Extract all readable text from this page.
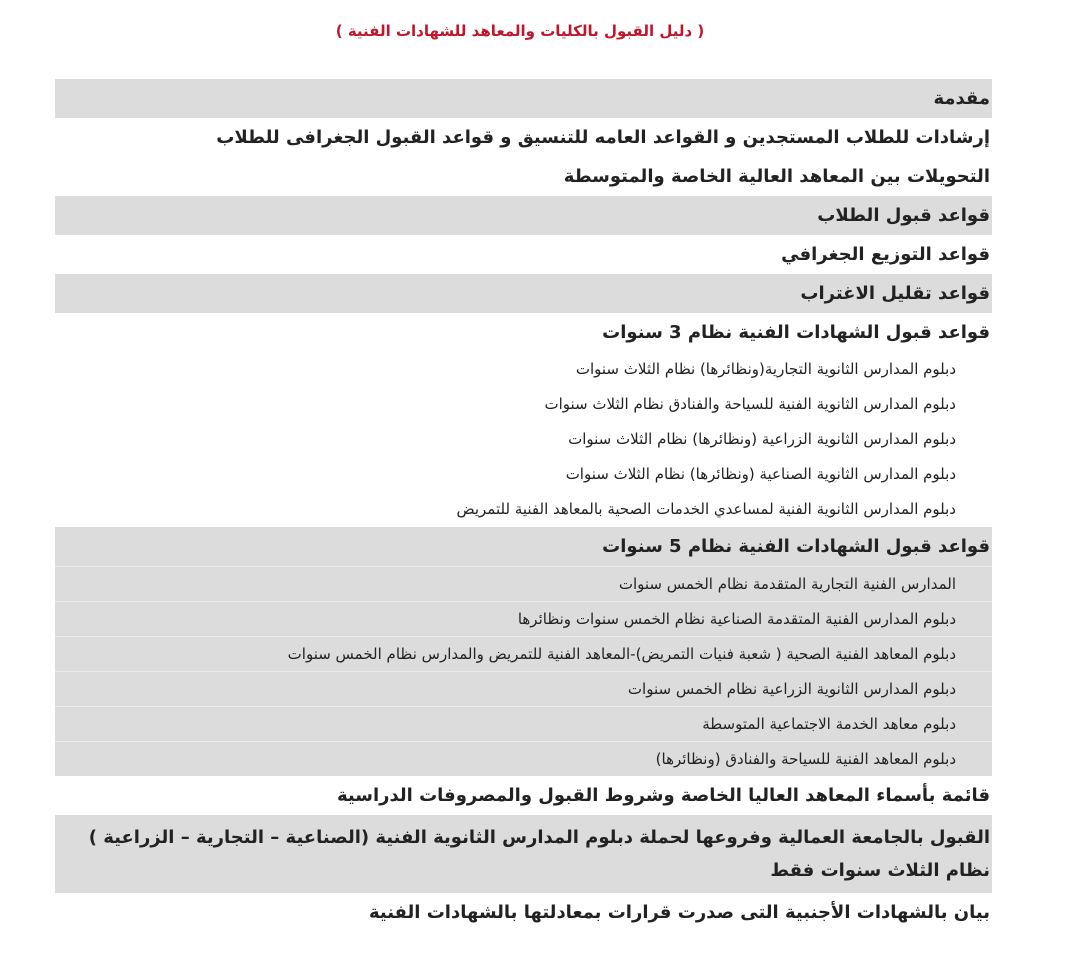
( دليل القبول بالكليات والمعاهد للشهادات الفنية )
مقدمة
إرشادات للطلاب المستجدين و القواعد العامه للتنسيق و قواعد القبول الجغرافى للطلاب
التحويلات بين المعاهد العالية الخاصة والمتوسطة
قواعد قبول الطلاب
قواعد التوزيع الجغرافي
قواعد تقليل الاغتراب
قواعد قبول الشهادات الفنية نظام 3 سنوات
دبلوم المدارس الثانوية التجارية(ونظائرها) نظام الثلاث سنوات
دبلوم المدارس الثانوية الفنية للسياحة والفنادق نظام الثلاث سنوات
دبلوم المدارس الثانوية الزراعية (ونظائرها) نظام الثلاث سنوات
دبلوم المدارس الثانوية الصناعية (ونظائرها) نظام الثلاث سنوات
دبلوم المدارس الثانوية الفنية لمساعدي الخدمات الصحية بالمعاهد الفنية للتمريض
قواعد قبول الشهادات الفنية نظام 5 سنوات
المدارس الفنية التجارية المتقدمة نظام الخمس سنوات
دبلوم المدارس الفنية المتقدمة الصناعية نظام الخمس سنوات ونظائرها
دبلوم المعاهد الفنية الصحية ( شعبة فنيات التمريض)-المعاهد الفنية للتمريض والمدارس نظام الخمس سنوات
دبلوم المدارس الثانوية الزراعية نظام الخمس سنوات
دبلوم معاهد الخدمة الاجتماعية المتوسطة
دبلوم المعاهد الفنية للسياحة والفنادق (ونظائرها)
قائمة بأسماء المعاهد العاليا الخاصة وشروط القبول والمصروفات الدراسية
القبول بالجامعة العمالية وفروعها لحملة دبلوم المدارس الثانوية الفنية (الصناعية – التجارية – الزراعية ) نظام الثلاث سنوات فقط
بيان بالشهادات الأجنبية التى صدرت قرارات بمعادلتها بالشهادات الفنية
